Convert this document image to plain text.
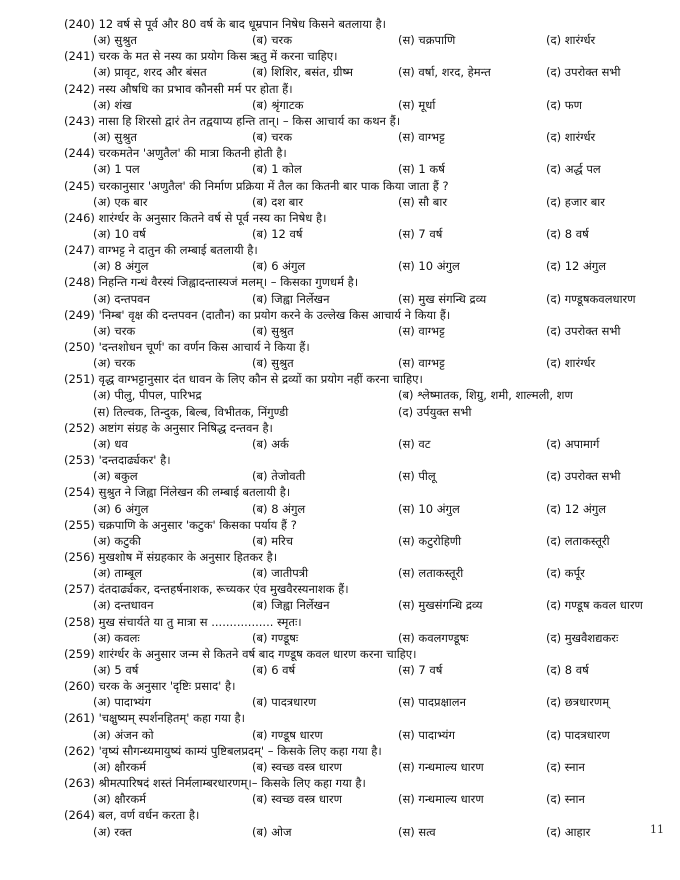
(240) 12 वर्ष से पूर्व और 80 वर्ष के बाद धूम्रपान निषेध किसने बतलाया है।
(अ) सुश्रुत	(ब) चरक	(स) चक्रपाणि	(द) शारंर्ग्धर
(241) चरक के मत से नस्य का प्रयोग किस ऋतु में करना चाहिए।
(अ) प्रावृट, शरद और बंसत	(ब) शिशिर, बसंत, ग्रीष्म	(स) वर्षा, शरद, हेमन्त	(द) उपरोक्त सभी
(242) नस्य औषधि का प्रभाव कौनसी मर्म पर होता हैं।
(अ) शंख	(ब) श्रृंगाटक	(स) मूर्धा	(द) फण
(243) नासा हि शिरसो द्वारं तेन तद्वयाप्य हन्ति तान्। – किस आचार्य का कथन हैं।
(अ) सुश्रुत	(ब) चरक	(स) वाग्भट्ट	(द) शारंर्ग्धर
(244) चरकमतेन 'अणुतैल' की मात्रा कितनी होती है।
(अ) 1 पल	(ब) 1 कोल	(स) 1 कर्ष	(द) अर्द्ध पल
(245) चरकानुसार 'अणुतैल' की निर्माण प्रक्रिया में तैल का कितनी बार पाक किया जाता हैं ?
(अ) एक बार	(ब) दश बार	(स) सौ बार	(द) हजार बार
(246) शारंर्ग्धर के अनुसार कितने वर्ष से पूर्व नस्य का निषेध है।
(अ) 10 वर्ष	(ब) 12 वर्ष	(स) 7 वर्ष	(द) 8 वर्ष
(247) वाग्भट्ट ने दातुन की लम्बाई बतलायी है।
(अ) 8 अंगुल	(ब) 6 अंगुल	(स) 10 अंगुल	(द) 12 अंगुल
(248) निहन्ति गन्धं वैरस्यं जिह्वादन्तास्यजं मलम्। – किसका गुणधर्म है।
(अ) दन्तपवन	(ब) जिह्वा निर्लेखन	(स) मुख संगन्धि द्रव्य	(द) गण्डूषकवलधारण
(249) 'निम्ब' वृक्ष की दन्तपवन (दातौन) का प्रयोग करने के उल्लेख किस आचार्य ने किया हैं।
(अ) चरक	(ब) सुश्रुत	(स) वाग्भट्ट	(द) उपरोक्त सभी
(250) 'दन्तशोधन चूर्ण' का वर्णन किस आचार्य ने किया हैं।
(अ) चरक	(ब) सुश्रुत	(स) वाग्भट्ट	(द) शारंर्ग्धर
(251) वृद्ध वाग्भट्टानुसार दंत धावन के लिए कौन से द्रव्यों का प्रयोग नहीं करना चाहिए।
(अ) पीलु, पीपल, पारिभद्र	(ब) श्लेष्मातक, शिग्रु, शमी, शाल्मली, शण
(स) तिल्वक, तिन्दुक, बिल्ब, विभीतक, निंगुण्डी	(द) उर्पयुक्त सभी
(252) अष्टांग संग्रह के अनुसार निषिद्ध दन्तवन है।
(अ) धव	(ब) अर्क	(स) वट	(द) अपामार्ग
(253) 'दन्तदार्ढ्यकर' है।
(अ) बकुल	(ब) तेजोवती	(स) पीलू	(द) उपरोक्त सभी
(254) सुश्रुत ने जिह्वा निंलेखन की लम्बाई बतलायी है।
(अ) 6 अंगुल	(ब) 8 अंगुल	(स) 10 अंगुल	(द) 12 अंगुल
(255) चक्रपाणि के अनुसार 'कटुक' किसका पर्याय हैं ?
(अ) कटुकी	(ब) मरिच	(स) कटुरोहिणी	(द) लताकस्तूरी
(256) मुखशोष में संग्रहकार के अनुसार हितकर है।
(अ) ताम्बूल	(ब) जातीपत्री	(स) लताकस्तूरी	(द) कर्पूर
(257) दंतदार्ढ्यकर, दन्तहर्षनाशक, रूच्यकर एंव मुखवैरस्यनाशक हैं।
(अ) दन्तधावन	(ब) जिह्वा निर्लेखन	(स) मुखसंगन्धि द्रव्य	(द) गण्डूष कवल धारण
(258) मुख संचार्यते या तु मात्रा स ................. स्मृतः।
(अ) कवलः	(ब) गण्डूषः	(स) कवलगण्डूषः	(द) मुखवैशद्यकरः
(259) शारंर्ग्धर के अनुसार जन्म से कितने वर्ष बाद गण्डूष कवल धारण करना चाहिए।
(अ) 5 वर्ष	(ब) 6 वर्ष	(स) 7 वर्ष	(द) 8 वर्ष
(260) चरक के अनुसार 'दृष्टिः प्रसाद' है।
(अ) पादाभ्यंग	(ब) पादत्रधारण	(स) पादप्रक्षालन	(द) छत्रधारणम्
(261) 'चक्षुष्यम् स्पर्शनहितम्' कहा गया है।
(अ) अंजन को	(ब) गण्डूष धारण	(स) पादाभ्यंग	(द) पादत्रधारण
(262) 'वृष्यं सौगन्ध्यमायुष्यं काम्यं पुष्टिबलप्रदम्' – किसके लिए कहा गया है।
(अ) क्षौरकर्म	(ब) स्वच्छ वस्त्र धारण	(स) गन्धमाल्य धारण	(द) स्नान
(263) श्रीमत्पारिषदं शस्तं निर्मलाम्बरधारणम्।– किसके लिए कहा गया है।
(अ) क्षौरकर्म	(ब) स्वच्छ वस्त्र धारण	(स) गन्धमाल्य धारण	(द) स्नान
(264) बल, वर्ण वर्धन करता है।
(अ) रक्त	(ब) ओज	(स) सत्व	(द) आहार	11
